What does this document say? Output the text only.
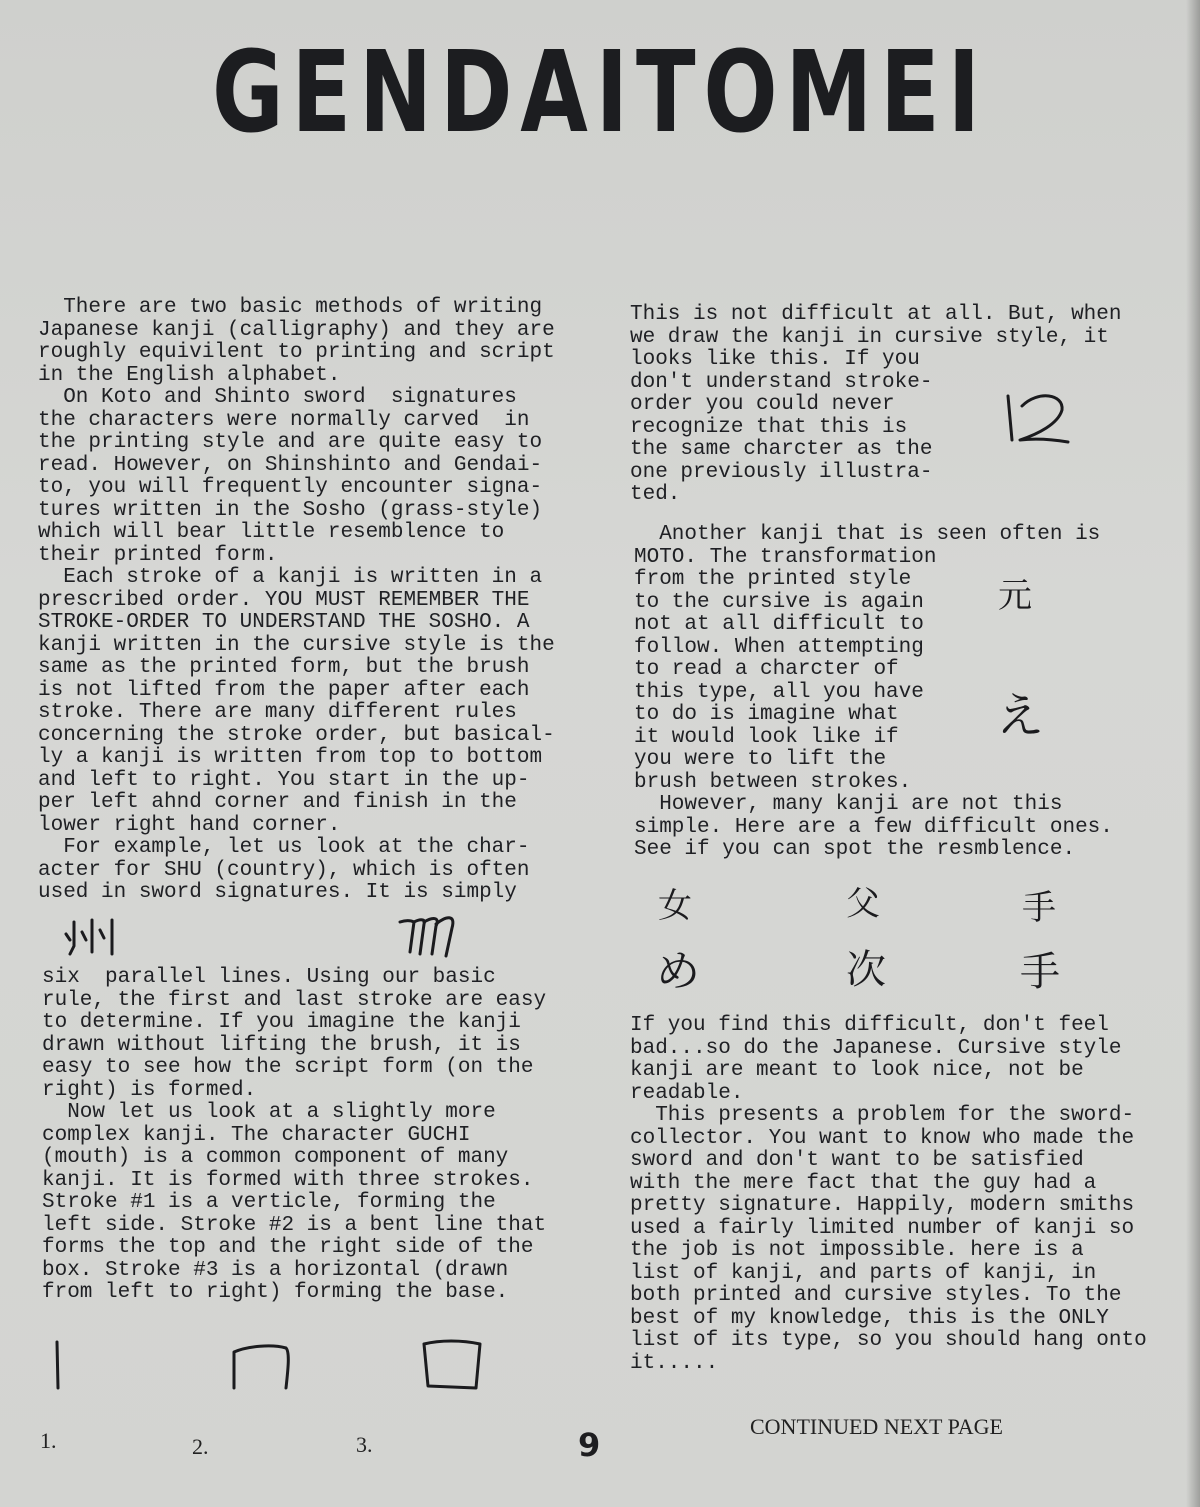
GENDAITOMEI
There are two basic methods of writing
Japanese kanji (calligraphy) and they are
roughly equivilent to printing and script
in the English alphabet.
On Koto and Shinto sword  signatures
the characters were normally carved  in
the printing style and are quite easy to
read. However, on Shinshinto and Gendai-
to, you will frequently encounter signa-
tures written in the Sosho (grass-style)
which will bear little resemblence to
their printed form.
Each stroke of a kanji is written in a
prescribed order. YOU MUST REMEMBER THE
STROKE-ORDER TO UNDERSTAND THE SOSHO. A
kanji written in the cursive style is the
same as the printed form, but the brush
is not lifted from the paper after each
stroke. There are many different rules
concerning the stroke order, but basical-
ly a kanji is written from top to bottom
and left to right. You start in the up-
per left ahnd corner and finish in the
lower right hand corner.
For example, let us look at the char-
acter for SHU (country), which is often
used in sword signatures. It is simply
six  parallel lines. Using our basic
rule, the first and last stroke are easy
to determine. If you imagine the kanji
drawn without lifting the brush, it is
easy to see how the script form (on the
right) is formed.
Now let us look at a slightly more
complex kanji. The character GUCHI
(mouth) is a common component of many
kanji. It is formed with three strokes.
Stroke #1 is a verticle, forming the
left side. Stroke #2 is a bent line that
forms the top and the right side of the
box. Stroke #3 is a horizontal (drawn
from left to right) forming the base.
1.	2.	3.	9
This is not difficult at all. But, when
we draw the kanji in cursive style, it
looks like this. If you
don't understand stroke-
order you could never
recognize that this is
the same charcter as the
one previously illustra-
ted.
Another kanji that is seen often is
MOTO. The transformation
from the printed style
to the cursive is again
not at all difficult to
follow. When attempting
to read a charcter of
this type, all you have
to do is imagine what
it would look like if
you were to lift the
brush between strokes.
However, many kanji are not this
simple. Here are a few difficult ones.
See if you can spot the resmblence.
元
え
女	父	手
め	次	手
If you find this difficult, don't feel
bad...so do the Japanese. Cursive style
kanji are meant to look nice, not be
readable.
This presents a problem for the sword-
collector. You want to know who made the
sword and don't want to be satisfied
with the mere fact that the guy had a
pretty signature. Happily, modern smiths
used a fairly limited number of kanji so
the job is not impossible. here is a
list of kanji, and parts of kanji, in
both printed and cursive styles. To the
best of my knowledge, this is the ONLY
list of its type, so you should hang onto
it.....
CONTINUED NEXT PAGE
